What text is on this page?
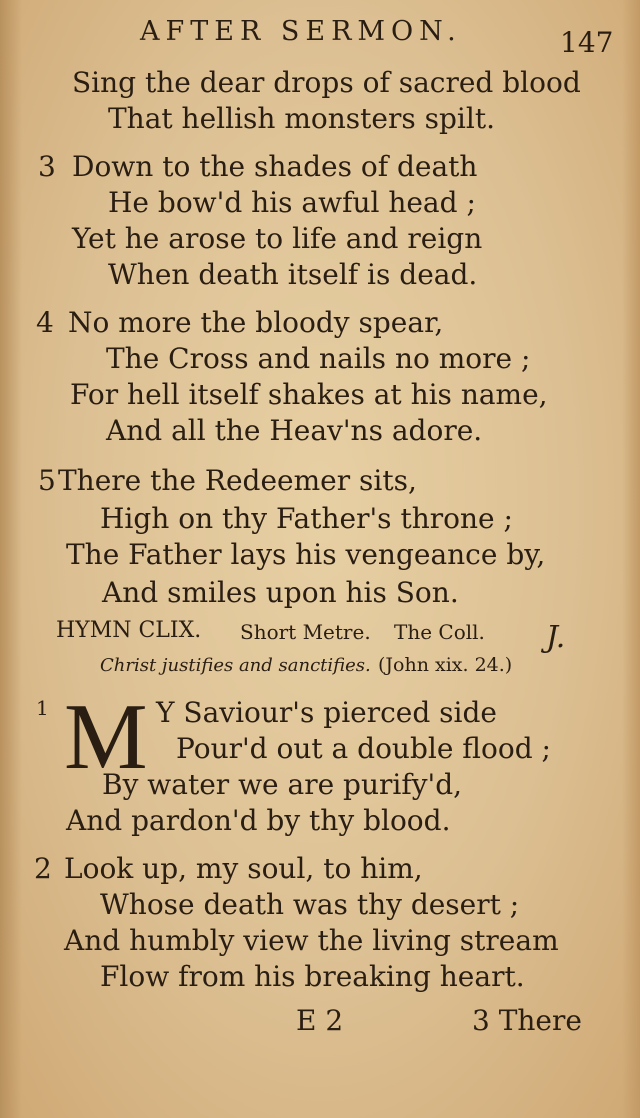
AFTER SERMON.	147
Sing the dear drops of sacred blood
That hellish monsters spilt.
3 Down to the shades of death
He bow'd his awful head ;
Yet he arose to life and reign
When death itself is dead.
4 No more the bloody spear,
The Cross and nails no more ;
For hell itself shakes at his name,
And all the Heav'ns adore.
5 There the Redeemer sits,
High on thy Father's throne ;
The Father lays his vengeance by,
And smiles upon his Son.
HYMN CLIX. Short Metre. The Coll. J.
Christ justifies and sanctifies. (John xix. 24.)
1 M Y Saviour's pierced side
Pour'd out a double flood ;
By water we are purify'd,
And pardon'd by thy blood.
2 Look up, my soul, to him,
Whose death was thy desert ;
And humbly view the living stream
Flow from his breaking heart.
E 2	3 There
